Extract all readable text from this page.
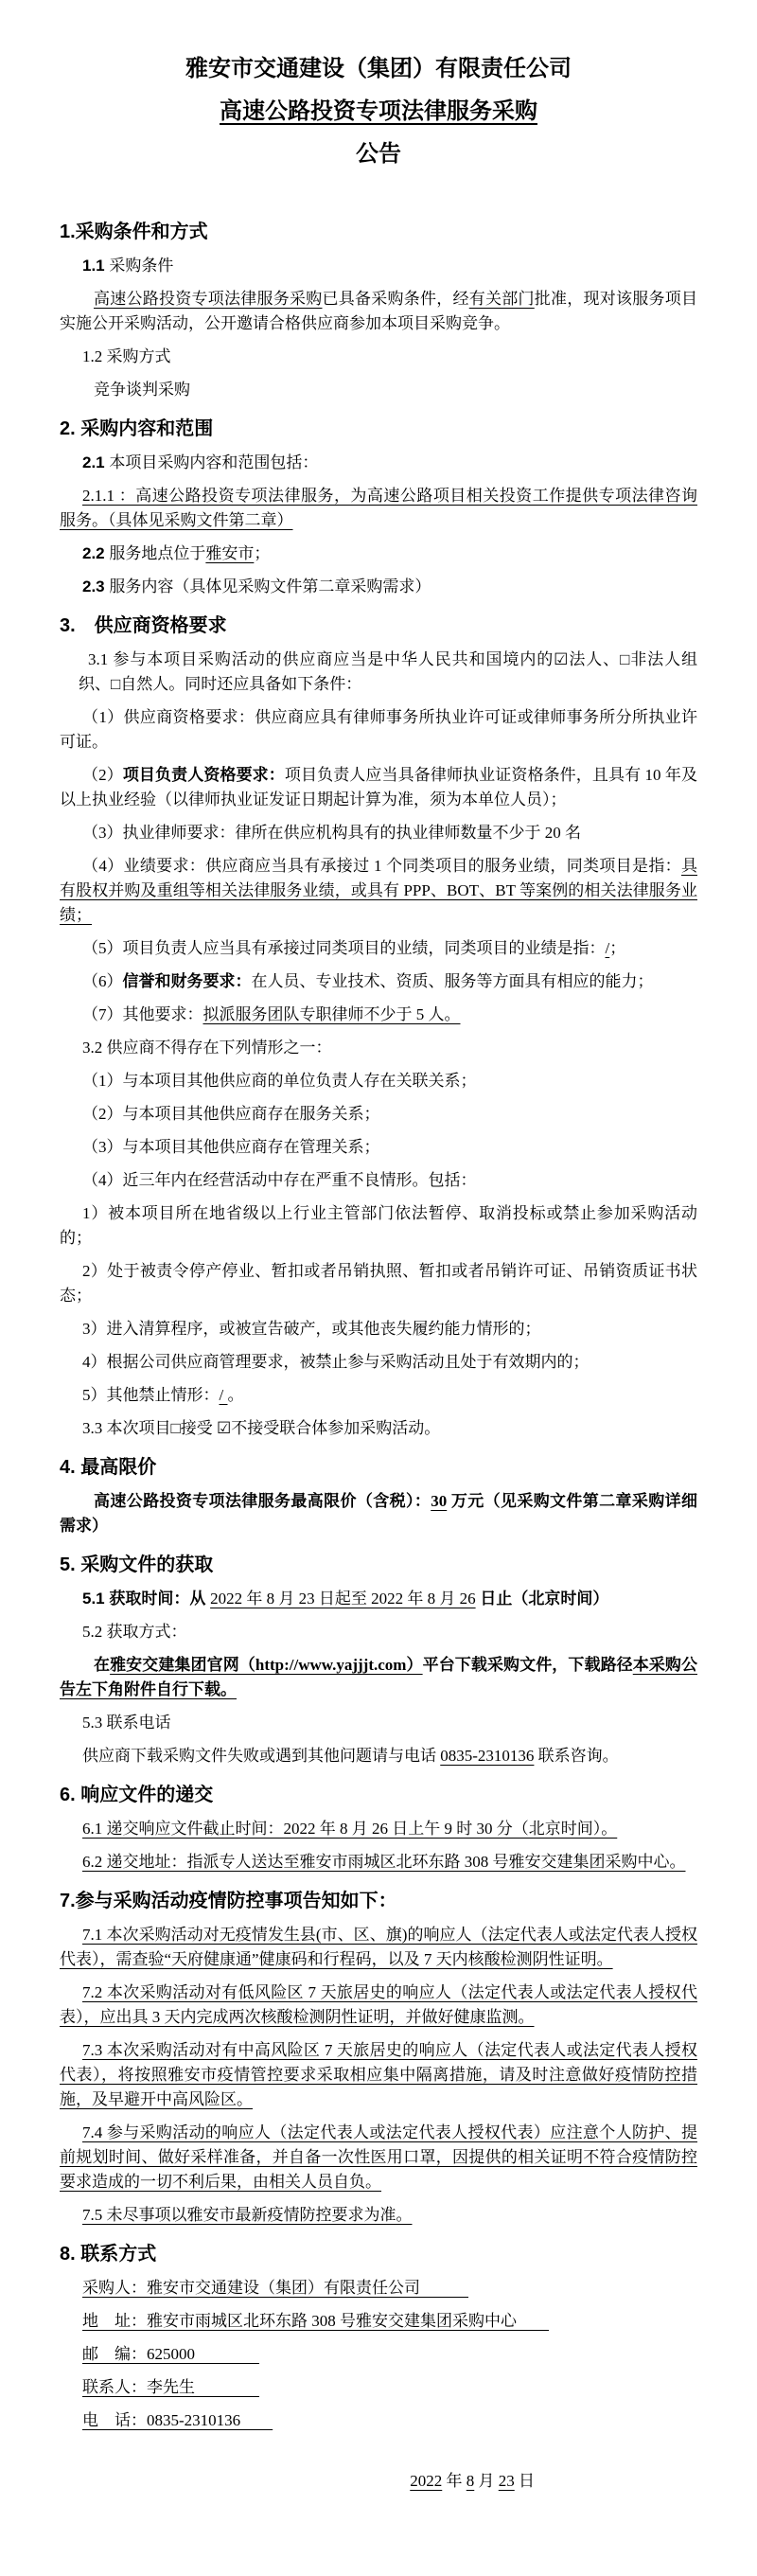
雅安市交通建设（集团）有限责任公司

高速公路投资专项法律服务采购

公告

1.采购条件和方式

1.1 采购条件

高速公路投资专项法律服务采购已具备采购条件，经有关部门批准，现对该服务项目实施公开采购活动，公开邀请合格供应商参加本项目采购竞争。

1.2 采购方式

竞争谈判采购

2. 采购内容和范围

2.1 本项目采购内容和范围包括：

2.1.1 ：高速公路投资专项法律服务，为高速公路项目相关投资工作提供专项法律咨询服务。（具体见采购文件第二章）

2.2 服务地点位于雅安市；

2.3 服务内容（具体见采购文件第二章采购需求）

3.　供应商资格要求

3.1 参与本项目采购活动的供应商应当是中华人民共和国境内的☑法人、□非法人组织、□自然人。同时还应具备如下条件：

（1）供应商资格要求：供应商应具有律师事务所执业许可证或律师事务所分所执业许可证。

（2）项目负责人资格要求：项目负责人应当具备律师执业证资格条件，且具有 10 年及以上执业经验（以律师执业证发证日期起计算为准，须为本单位人员）；

（3）执业律师要求：律所在供应机构具有的执业律师数量不少于 20 名

（4）业绩要求：供应商应当具有承接过 1 个同类项目的服务业绩，同类项目是指：具有股权并购及重组等相关法律服务业绩，或具有 PPP、BOT、BT 等案例的相关法律服务业绩；

（5）项目负责人应当具有承接过同类项目的业绩，同类项目的业绩是指：/；

（6）信誉和财务要求：在人员、专业技术、资质、服务等方面具有相应的能力；

（7）其他要求：拟派服务团队专职律师不少于 5 人。

3.2 供应商不得存在下列情形之一：

（1）与本项目其他供应商的单位负责人存在关联关系；

（2）与本项目其他供应商存在服务关系；

（3）与本项目其他供应商存在管理关系；

（4）近三年内在经营活动中存在严重不良情形。包括：

1）被本项目所在地省级以上行业主管部门依法暂停、取消投标或禁止参加采购活动的；

2）处于被责令停产停业、暂扣或者吊销执照、暂扣或者吊销许可证、吊销资质证书状态；

3）进入清算程序，或被宣告破产，或其他丧失履约能力情形的；

4）根据公司供应商管理要求，被禁止参与采购活动且处于有效期内的；

5）其他禁止情形：/ 。

3.3 本次项目□接受 ☑不接受联合体参加采购活动。

4. 最高限价

高速公路投资专项法律服务最高限价（含税）：30 万元（见采购文件第二章采购详细需求）

5. 采购文件的获取

5.1 获取时间：从 2022 年 8 月 23 日起至 2022 年 8 月 26 日止（北京时间）

5.2 获取方式：

在雅安交建集团官网（http://www.yajjjt.com）平台下载采购文件，下载路径本采购公告左下角附件自行下载。

5.3 联系电话

供应商下载采购文件失败或遇到其他问题请与电话 0835-2310136 联系咨询。

6. 响应文件的递交

6.1 递交响应文件截止时间：2022 年 8 月 26 日上午 9 时 30 分（北京时间）。

6.2 递交地址：指派专人送达至雅安市雨城区北环东路 308 号雅安交建集团采购中心。

7.参与采购活动疫情防控事项告知如下：

7.1 本次采购活动对无疫情发生县(市、区、旗)的响应人（法定代表人或法定代表人授权代表），需查验“天府健康通”健康码和行程码，以及 7 天内核酸检测阴性证明。

7.2 本次采购活动对有低风险区 7 天旅居史的响应人（法定代表人或法定代表人授权代表），应出具 3 天内完成两次核酸检测阴性证明，并做好健康监测。

7.3 本次采购活动对有中高风险区 7 天旅居史的响应人（法定代表人或法定代表人授权代表），将按照雅安市疫情管控要求采取相应集中隔离措施，请及时注意做好疫情防控措施，及早避开中高风险区。

7.4 参与采购活动的响应人（法定代表人或法定代表人授权代表）应注意个人防护、提前规划时间、做好采样准备，并自备一次性医用口罩，因提供的相关证明不符合疫情防控要求造成的一切不利后果，由相关人员自负。

7.5 未尽事项以雅安市最新疫情防控要求为准。

8. 联系方式

采购人：雅安市交通建设（集团）有限责任公司　　　

地　址：雅安市雨城区北环东路 308 号雅安交建集团采购中心　　

邮　编：625000　　　　

联系人：李先生　　　　

电　话：0835-2310136　　

2022 年 8 月 23 日
